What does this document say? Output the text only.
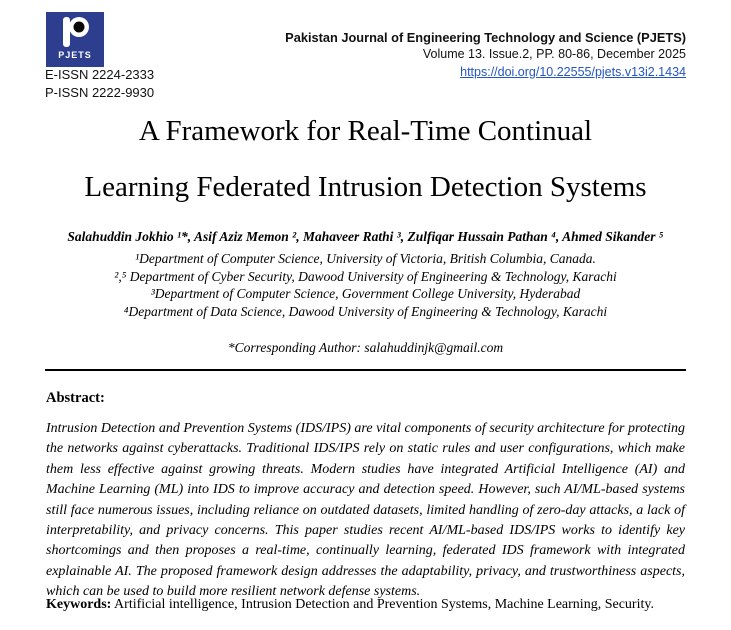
PJETS
E-ISSN 2224-2333
P-ISSN 2222-9930
Pakistan Journal of Engineering Technology and Science (PJETS)
Volume 13. Issue.2, PP. 80-86, December 2025
https://doi.org/10.22555/pjets.v13i2.1434
A Framework for Real-Time Continual
Learning Federated Intrusion Detection Systems
Salahuddin Jokhio ¹*, Asif Aziz Memon ², Mahaveer Rathi ³, Zulfiqar Hussain Pathan ⁴, Ahmed Sikander ⁵
¹Department of Computer Science, University of Victoria, British Columbia, Canada.
²,⁵ Department of Cyber Security, Dawood University of Engineering & Technology, Karachi
³Department of Computer Science, Government College University, Hyderabad
⁴Department of Data Science, Dawood University of Engineering & Technology, Karachi
*Corresponding Author: salahuddinjk@gmail.com
Abstract:
Intrusion Detection and Prevention Systems (IDS/IPS) are vital components of security architecture for protecting the networks against cyberattacks. Traditional IDS/IPS rely on static rules and user configurations, which make them less effective against growing threats. Modern studies have integrated Artificial Intelligence (AI) and Machine Learning (ML) into IDS to improve accuracy and detection speed. However, such AI/ML-based systems still face numerous issues, including reliance on outdated datasets, limited handling of zero-day attacks, a lack of interpretability, and privacy concerns. This paper studies recent AI/ML-based IDS/IPS works to identify key shortcomings and then proposes a real-time, continually learning, federated IDS framework with integrated explainable AI. The proposed framework design addresses the adaptability, privacy, and trustworthiness aspects, which can be used to build more resilient network defense systems.
Keywords: Artificial intelligence, Intrusion Detection and Prevention Systems, Machine Learning, Security.
